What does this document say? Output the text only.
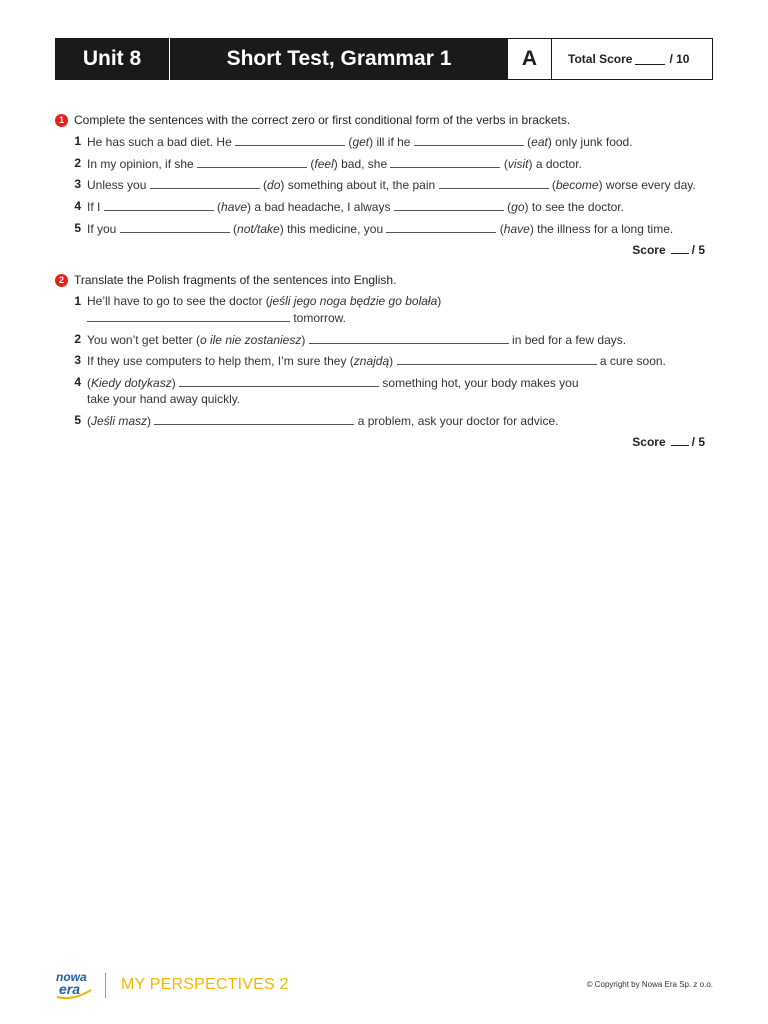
Unit 8	Short Test, Grammar 1	A	Total Score	/ 10
1 Complete the sentences with the correct zero or first conditional form of the verbs in brackets.
1 He has such a bad diet. He	(get) ill if he	(eat) only junk food.
2 In my opinion, if she	(feel) bad, she	(visit) a doctor.
3 Unless you	(do) something about it, the pain	(become) worse every day.
4 If I	(have) a bad headache, I always	(go) to see the doctor.
5 If you	(not/take) this medicine, you	(have) the illness for a long time.
Score / 5
2 Translate the Polish fragments of the sentences into English.
1 He’ll have to go to see the doctor (jeśli jego noga będzie go bolała)  tomorrow.
2 You won’t get better (o ile nie zostaniesz)	in bed for a few days.
3 If they use computers to help them, I’m sure they (znajdą)	a cure soon.
4 (Kiedy dotykasz)	something hot, your body makes you take your hand away quickly.
5 (Jeśli masz)	a problem, ask your doctor for advice.
Score / 5
nowa
era	MY PERSPECTIVES 2	© Copyright by Nowa Era Sp. z o.o.
